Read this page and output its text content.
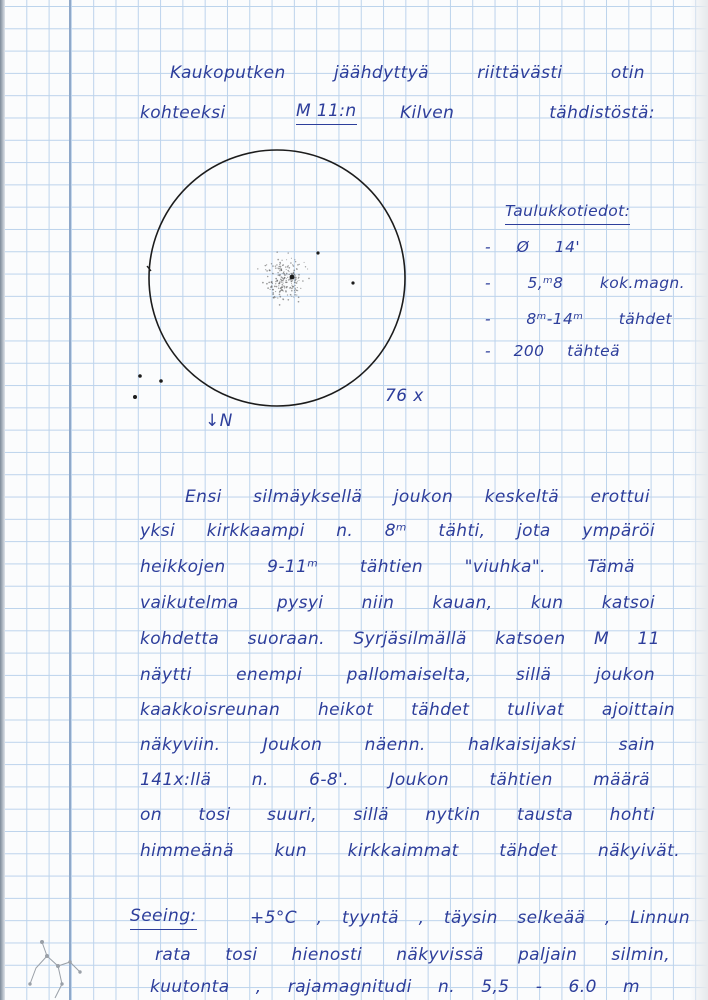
Kaukoputken jäähdyttyä riittävästi otin
kohteeksi	M 11:n	Kilven tähdistöstä:
76 x
↓N
Taulukkotiedot:
- Ø 14'
- 5,ᵐ8 kok.magn.
- 8ᵐ-14ᵐ tähdet
- 200 tähteä
Ensi silmäyksellä joukon keskeltä erottui
yksi kirkkaampi n. 8ᵐ tähti, jota ympäröi
heikkojen 9-11ᵐ tähtien "viuhka". Tämä
vaikutelma pysyi niin kauan, kun katsoi
kohdetta suoraan. Syrjäsilmällä katsoen M 11
näytti enempi pallomaiselta, sillä joukon
kaakkoisreunan heikot tähdet tulivat ajoittain
näkyviin. Joukon näenn. halkaisijaksi sain
141x:llä n. 6-8'. Joukon tähtien määrä
on tosi suuri, sillä nytkin tausta hohti
himmeänä kun kirkkaimmat tähdet näkyivät.
Seeing:	+5°C , tyyntä , täysin selkeää , Linnun
rata tosi hienosti näkyvissä paljain silmin,
kuutonta , rajamagnitudi n. 5,5 - 6.0 m
